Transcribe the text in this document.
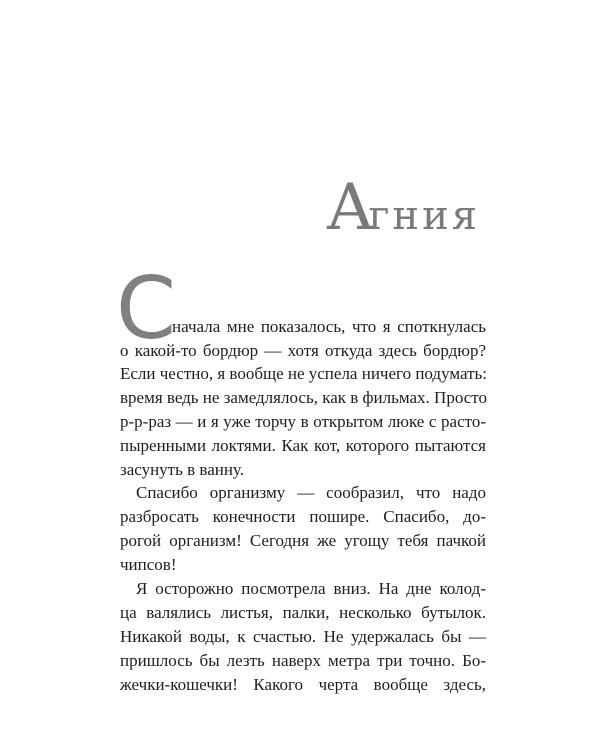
Агния
С
начала мне показалось, что я споткнулась
о какой-то бордюр — хотя откуда здесь бордюр?
Если честно, я вообще не успела ничего подумать:
время ведь не замедлялось, как в фильмах. Просто
р-р-раз — и я уже торчу в открытом люке с расто-
пыренными локтями. Как кот, которого пытаются
засунуть в ванну.
Спасибо организму — сообразил, что надо
разбросать конечности пошире. Спасибо, до-
рогой организм! Сегодня же угощу тебя пачкой
чипсов!
Я осторожно посмотрела вниз. На дне колод-
ца валялись листья, палки, несколько бутылок.
Никакой воды, к счастью. Не удержалась бы —
пришлось бы лезть наверх метра три точно. Бо-
жечки-кошечки! Какого черта вообще здесь,
